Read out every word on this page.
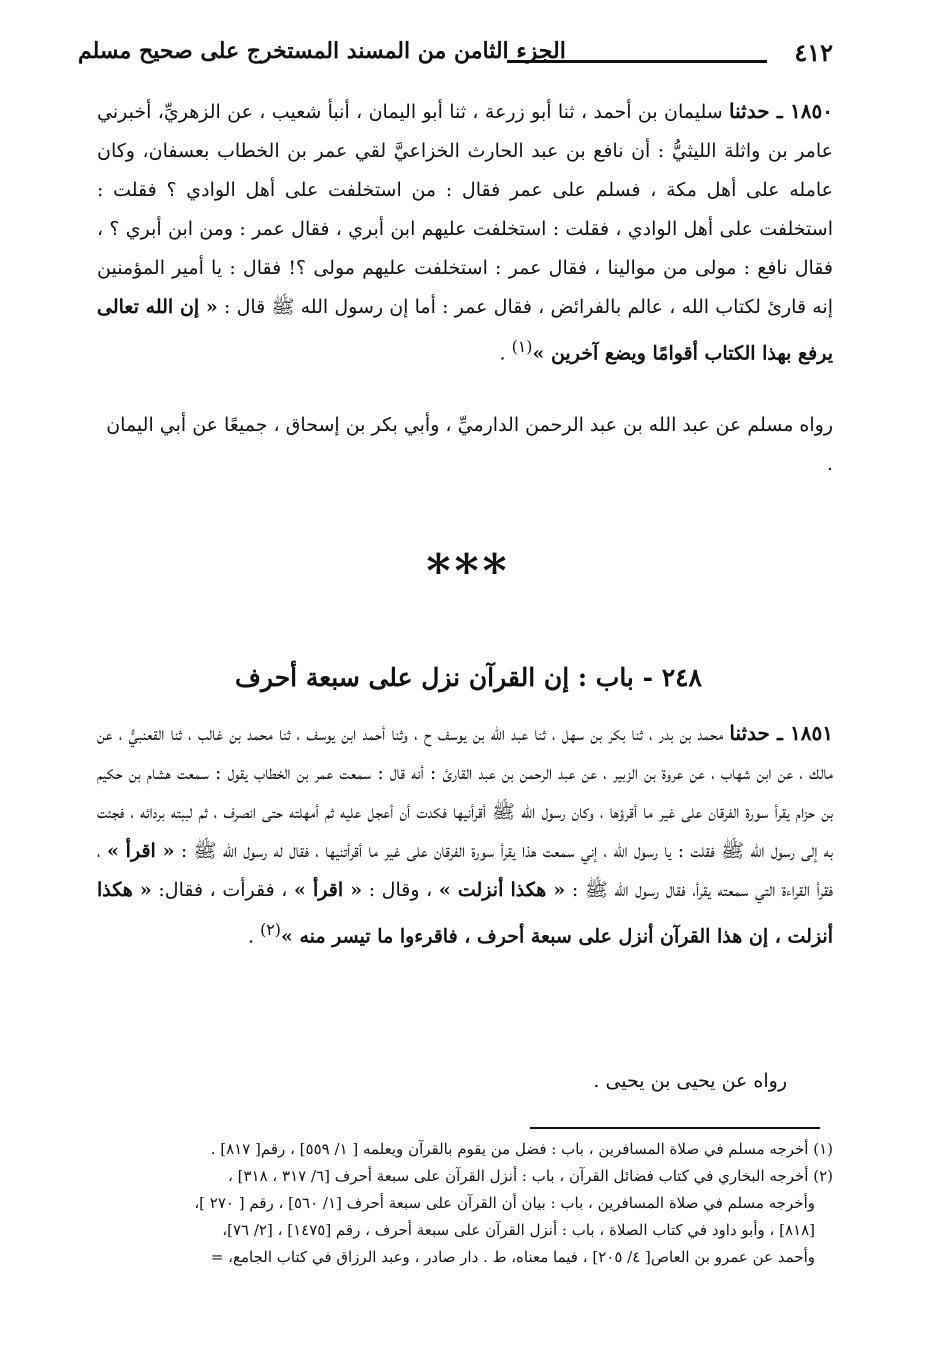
٤١٢
الجزء الثامن من المسند المستخرج على صحيح مسلم

١٨٥٠ ـ حدثنا سليمان بن أحمد ، ثنا أبو زرعة ، ثنا أبو اليمان ، أنبأ شعيب ، عن الزهريِّ، أخبرني عامر بن واثلة الليثيُّ : أن نافع بن عبد الحارث الخزاعيَّ لقي عمر بن الخطاب بعسفان، وكان عامله على أهل مكة ، فسلم على عمر فقال : من استخلفت على أهل الوادي ؟ فقلت : استخلفت على أهل الوادي ، فقلت : استخلفت عليهم ابن أبري ، فقال عمر : ومن ابن أبري ؟ ، فقال نافع : مولى من موالينا ، فقال عمر : استخلفت عليهم مولى ؟! فقال : يا أمير المؤمنين إنه قارئ لكتاب الله ، عالم بالفرائض ، فقال عمر : أما إن رسول الله ﷺ قال : « إن الله تعالى يرفع بهذا الكتاب أقوامًا ويضع آخرين »$^{(١)}$ .

رواه مسلم عن عبد الله بن عبد الرحمن الدارميِّ ، وأبي بكر بن إسحاق ، جميعًا عن أبي اليمان .

***
٢٤٨ - باب : إن القرآن نزل على سبعة أحرف

١٨٥١ ـ حدثنا محمد بن بدر ، ثنا بكر بن سهل ، ثنا عبد الله بن يوسف ح ، وثنا أحمد ابن يوسف ، ثنا محمد بن غالب ، ثنا القعنبيُّ ، عن مالك ، عن ابن شهاب ، عن عروة بن الزبير ، عن عبد الرحمن بن عبد القارئ : أنه قال : سمعت عمر بن الخطاب يقول : سمعت هشام بن حكيم بن حزام يقرأ سورة الفرقان على غير ما أقرؤها ، وكان رسول الله ﷺ أقرأنيها فكدت أن أعجل عليه ثم أمهلته حتى انصرف ، ثم لببته بردائه ، فجئت به إلى رسول الله ﷺ فقلت : يا رسول الله ، إني سمعت هذا يقرأ سورة الفرقان على غير ما أقرأتنيها ، فقال له رسول الله ﷺ : « اقرأ » ، فقرأ القراءة التي سمعته يقرأ، فقال رسول الله ﷺ : « هكذا أنزلت » ، وقال : « اقرأ » ، فقرأت ، فقال: « هكذا أنزلت ، إن هذا القرآن أنزل على سبعة أحرف ، فاقرءوا ما تيسر منه »$^{(٢)}$ .

رواه عن يحيى بن يحيى .

(١) أخرجه مسلم في صلاة المسافرين ، باب : فضل من يقوم بالقرآن ويعلمه [ ١/ ٥٥٩] ، رقم[ ٨١٧] .
(٢) أخرجه البخاري في كتاب فضائل القرآن ، باب : أنزل القرآن على سبعة أحرف [٦/ ٣١٧ ، ٣١٨] ،
وأخرجه مسلم في صلاة المسافرين ، باب : بيان أن القرآن على سبعة أحرف [١/ ٥٦٠] ، رقم [ ٢٧٠ ]،
[٨١٨] ، وأبو داود في كتاب الصلاة ، باب : أنزل القرآن على سبعة أحرف ، رقم [١٤٧٥] ، [٢/ ٧٦]،
وأحمد عن عمرو بن العاص[ ٤/ ٢٠٥] ، فيما معناه، ط . دار صادر ، وعبد الرزاق في كتاب الجامع، =
